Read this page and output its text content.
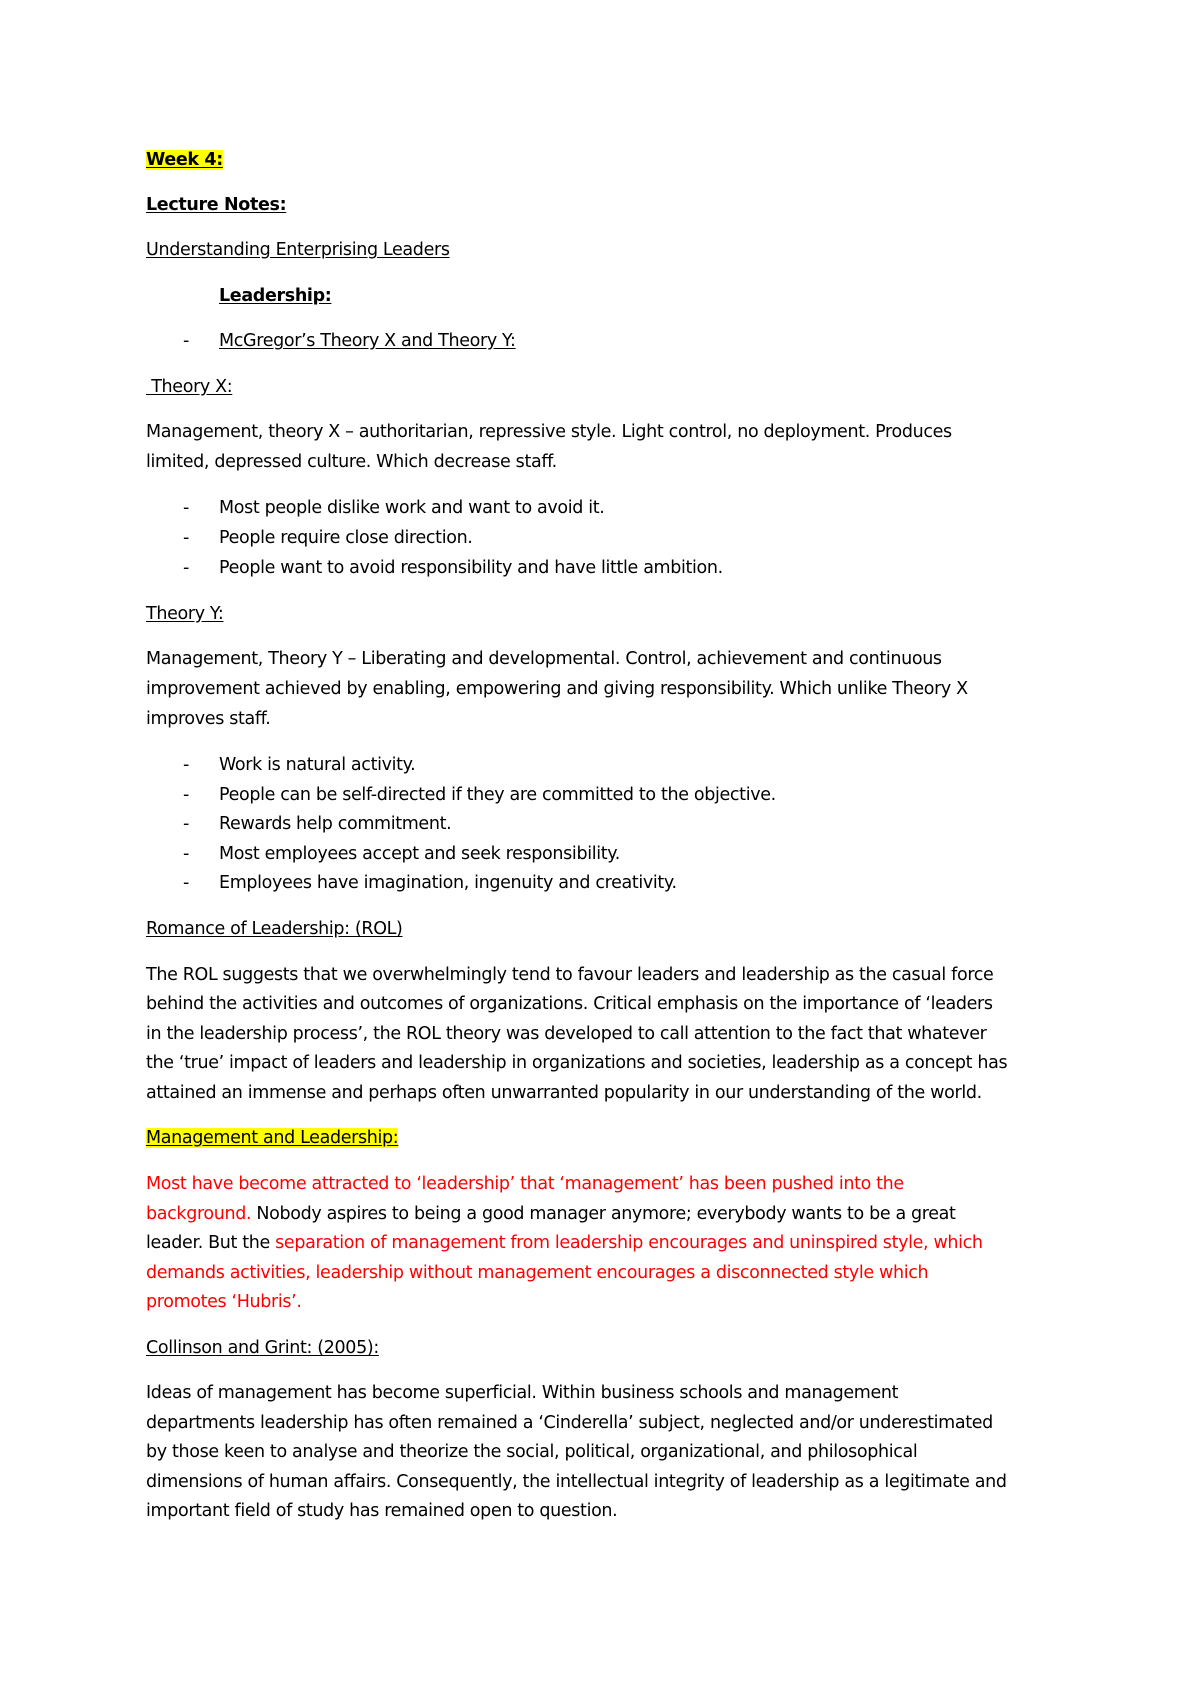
Week 4:
Lecture Notes:
Understanding Enterprising Leaders
Leadership:
- McGregor’s Theory X and Theory Y:
Theory X:
Management, theory X – authoritarian, repressive style. Light control, no deployment. Produces
limited, depressed culture. Which decrease staff.
- Most people dislike work and want to avoid it.
- People require close direction.
- People want to avoid responsibility and have little ambition.
Theory Y:
Management, Theory Y – Liberating and developmental. Control, achievement and continuous
improvement achieved by enabling, empowering and giving responsibility. Which unlike Theory X
improves staff.
- Work is natural activity.
- People can be self-directed if they are committed to the objective.
- Rewards help commitment.
- Most employees accept and seek responsibility.
- Employees have imagination, ingenuity and creativity.
Romance of Leadership: (ROL)
The ROL suggests that we overwhelmingly tend to favour leaders and leadership as the casual force
behind the activities and outcomes of organizations. Critical emphasis on the importance of ‘leaders
in the leadership process’, the ROL theory was developed to call attention to the fact that whatever
the ‘true’ impact of leaders and leadership in organizations and societies, leadership as a concept has
attained an immense and perhaps often unwarranted popularity in our understanding of the world.
Management and Leadership:
Most have become attracted to ‘leadership’ that ‘management’ has been pushed into the
background. Nobody aspires to being a good manager anymore; everybody wants to be a great
leader. But the separation of management from leadership encourages and uninspired style, which
demands activities, leadership without management encourages a disconnected style which
promotes ‘Hubris’.
Collinson and Grint: (2005):
Ideas of management has become superficial. Within business schools and management
departments leadership has often remained a ‘Cinderella’ subject, neglected and/or underestimated
by those keen to analyse and theorize the social, political, organizational, and philosophical
dimensions of human affairs. Consequently, the intellectual integrity of leadership as a legitimate and
important field of study has remained open to question.
